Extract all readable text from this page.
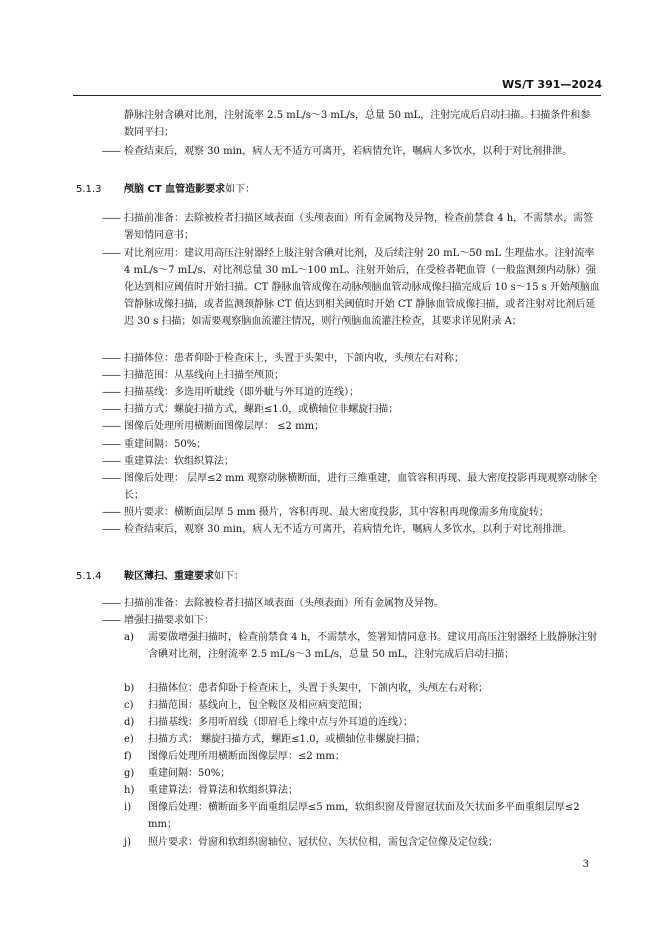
WS/T 391—2024

静脉注射含碘对比剂，注射流率 2.5 mL/s～3 mL/s，总量 50 mL，注射完成后启动扫描。扫描条件和参数同平扫；

—— 检查结束后，观察 30 min，病人无不适方可离开，若病情允许，嘱病人多饮水，以利于对比剂排泄。
5.1.3 颅脑 CT 血管造影要求如下：
—— 扫描前准备：去除被检者扫描区域表面（头颅表面）所有金属物及异物，检查前禁食 4 h，不需禁水，需签署知情同意书；
—— 对比剂应用：建议用高压注射器经上肢注射含碘对比剂，及后续注射 20 mL～50 mL 生理盐水。注射流率 4 mL/s～7 mL/s、对比剂总量 30 mL～100 mL、注射开始后，在受检者靶血管（一般监测颈内动脉）强化达到相应阈值时开始扫描。CT 静脉血管成像在动脉颅脑血管动脉成像扫描完成后 10 s～15 s 开始颅脑血管静脉成像扫描，或者监测颈静脉 CT 值达到相关阈值时开始 CT 静脉血管成像扫描，或者注射对比剂后延迟 30 s 扫描；如需要观察脑血流灌注情况，则行颅脑血流灌注检查，其要求详见附录 A；
—— 扫描体位：患者仰卧于检查床上，头置于头架中，下颌内收，头颅左右对称；
—— 扫描范围：从基线向上扫描至颅顶；
—— 扫描基线：多选用听眦线（即外眦与外耳道的连线）；
—— 扫描方式：螺旋扫描方式，螺距≤1.0，或横轴位非螺旋扫描；
—— 图像后处理所用横断面图像层厚： ≤2 mm；
—— 重建间隔：50%；
—— 重建算法：软组织算法；
—— 图像后处理： 层厚≤2 mm 观察动脉横断面，进行三维重建，血管容积再现、最大密度投影再现观察动脉全长；
—— 照片要求：横断面层厚 5 mm 摄片，容积再现、最大密度投影，其中容积再现像需多角度旋转；
—— 检查结束后，观察 30 min，病人无不适方可离开，若病情允许，嘱病人多饮水，以利于对比剂排泄。
5.1.4 鞍区薄扫、重建要求如下：
—— 扫描前准备：去除被检者扫描区域表面（头颅表面）所有金属物及异物。
—— 增强扫描要求如下：
a)	需要做增强扫描时，检查前禁食 4 h，不需禁水，签署知情同意书。建议用高压注射器经上肢静脉注射含碘对比剂，注射流率 2.5 mL/s～3 mL/s，总量 50 mL，注射完成后启动扫描；
b)	扫描体位：患者仰卧于检查床上，头置于头架中，下颌内收，头颅左右对称；
c)	扫描范围：基线向上，包全鞍区及相应病变范围；
d)	扫描基线：多用听眉线（即眉毛上缘中点与外耳道的连线）；
e)	扫描方式： 螺旋扫描方式，螺距≤1.0，或横轴位非螺旋扫描；
f)	图像后处理所用横断面图像层厚：≤2 mm；
g)	重建间隔：50%；
h)	重建算法：骨算法和软组织算法；
i)	图像后处理：横断面多平面重组层厚≤5 mm，软组织窗及骨窗冠状面及矢状面多平面重组层厚≤2 mm；
j)	照片要求：骨窗和软组织窗轴位、冠状位、矢状位相，需包含定位像及定位线；
3
